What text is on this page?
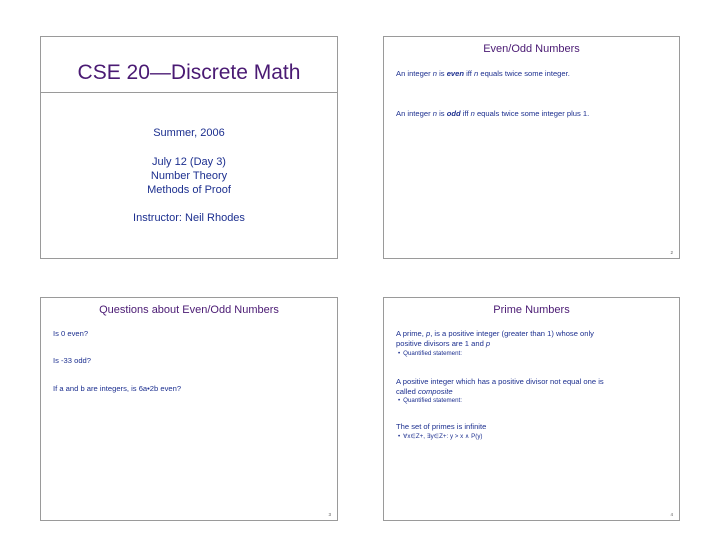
CSE 20—Discrete Math
Summer, 2006
July 12 (Day 3)
Number Theory
Methods of Proof
Instructor: Neil Rhodes
Even/Odd Numbers
An integer n is even iff n equals twice some integer.
An integer n is odd iff n equals twice some integer plus 1.
2
Questions about Even/Odd Numbers
Is 0 even?
Is -33 odd?
If a and b are integers, is 6a•2b even?
3
Prime Numbers
A prime, p, is a positive integer (greater than 1) whose only
positive divisors are 1 and p
• Quantified statement:
A positive integer which has a positive divisor not equal one is
called composite
• Quantified statement:
The set of primes is infinite
• ∀x∈Z+, ∃y∈Z+: y > x ∧ P(y)
4
